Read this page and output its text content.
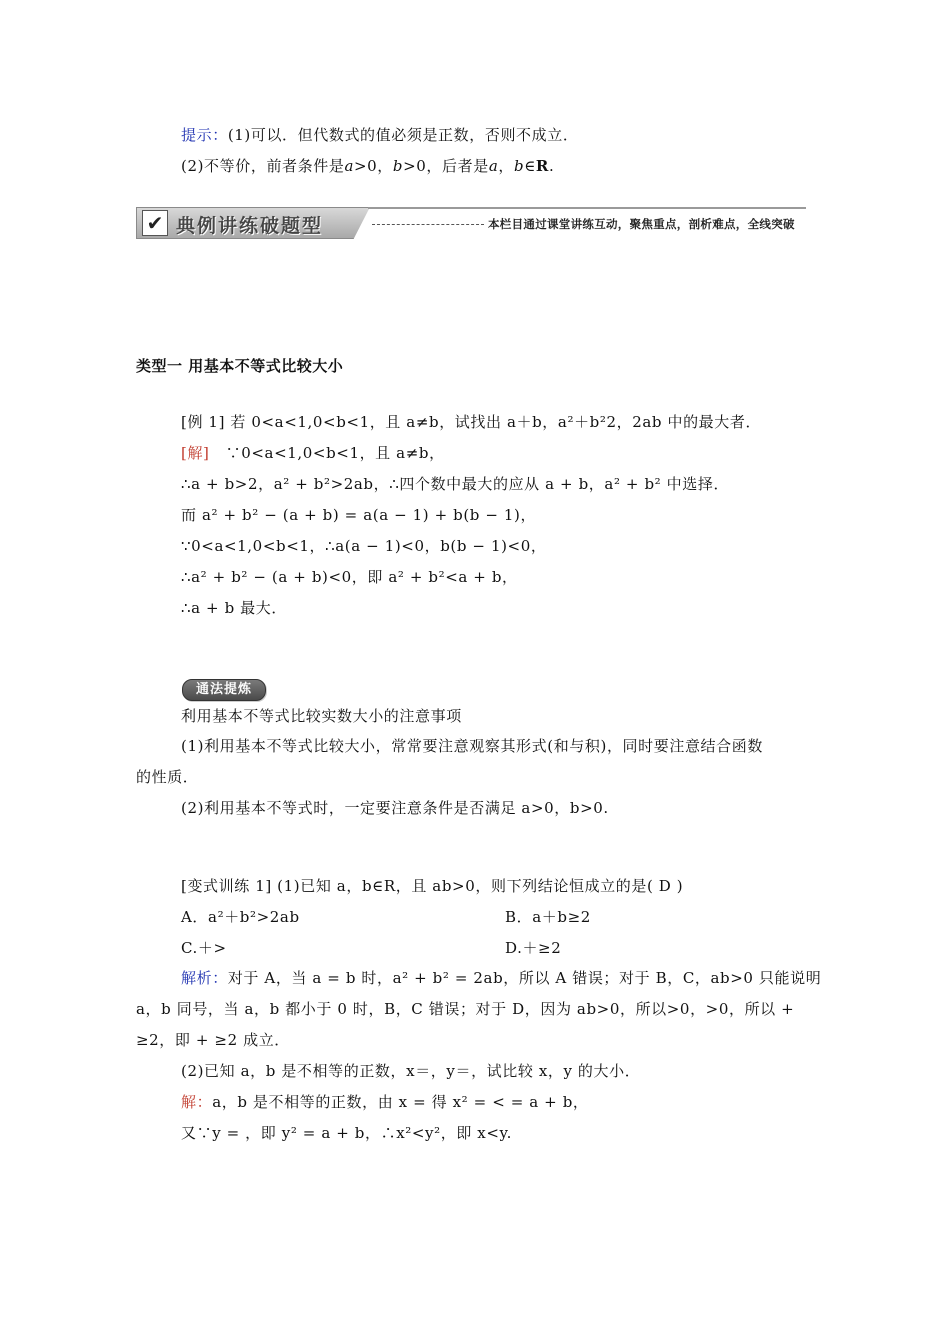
提示：(1)可以．但代数式的值必须是正数，否则不成立．
(2)不等价，前者条件是a>0，b>0，后者是a，b∈R.
✔ 典例讲练破题型	本栏目通过课堂讲练互动，聚焦重点，剖析难点，全线突破
类型一 用基本不等式比较大小
[例 1] 若 0<a<1,0<b<1，且 a≠b，试找出 a＋b，a²＋b²2，2ab 中的最大者．
[解] ∵0<a<1,0<b<1，且 a≠b，
∴a + b>2，a² + b²>2ab，∴四个数中最大的应从 a + b，a² + b² 中选择．
而 a² + b² − (a + b) = a(a − 1) + b(b − 1)，
∵0<a<1,0<b<1，∴a(a − 1)<0，b(b − 1)<0，
∴a² + b² − (a + b)<0，即 a² + b²<a + b，
∴a + b 最大．
通法提炼
利用基本不等式比较实数大小的注意事项
(1)利用基本不等式比较大小，常常要注意观察其形式(和与积)，同时要注意结合函数
的性质．
(2)利用基本不等式时，一定要注意条件是否满足 a>0，b>0.
[变式训练 1] (1)已知 a，b∈R，且 ab>0，则下列结论恒成立的是( D )
A．a²＋b²>2ab	B．a＋b≥2
C.＋>	D.＋≥2
解析：对于 A，当 a = b 时，a² + b² = 2ab，所以 A 错误；对于 B，C，ab>0 只能说明
a，b 同号，当 a，b 都小于 0 时，B，C 错误；对于 D，因为 ab>0，所以>0，>0，所以 +
≥2，即 + ≥2 成立．
(2)已知 a，b 是不相等的正数，x＝，y＝，试比较 x，y 的大小．
解：a，b 是不相等的正数，由 x = 得 x² = < = a + b，
又∵y = ，即 y² = a + b，∴x²<y²，即 x<y.
